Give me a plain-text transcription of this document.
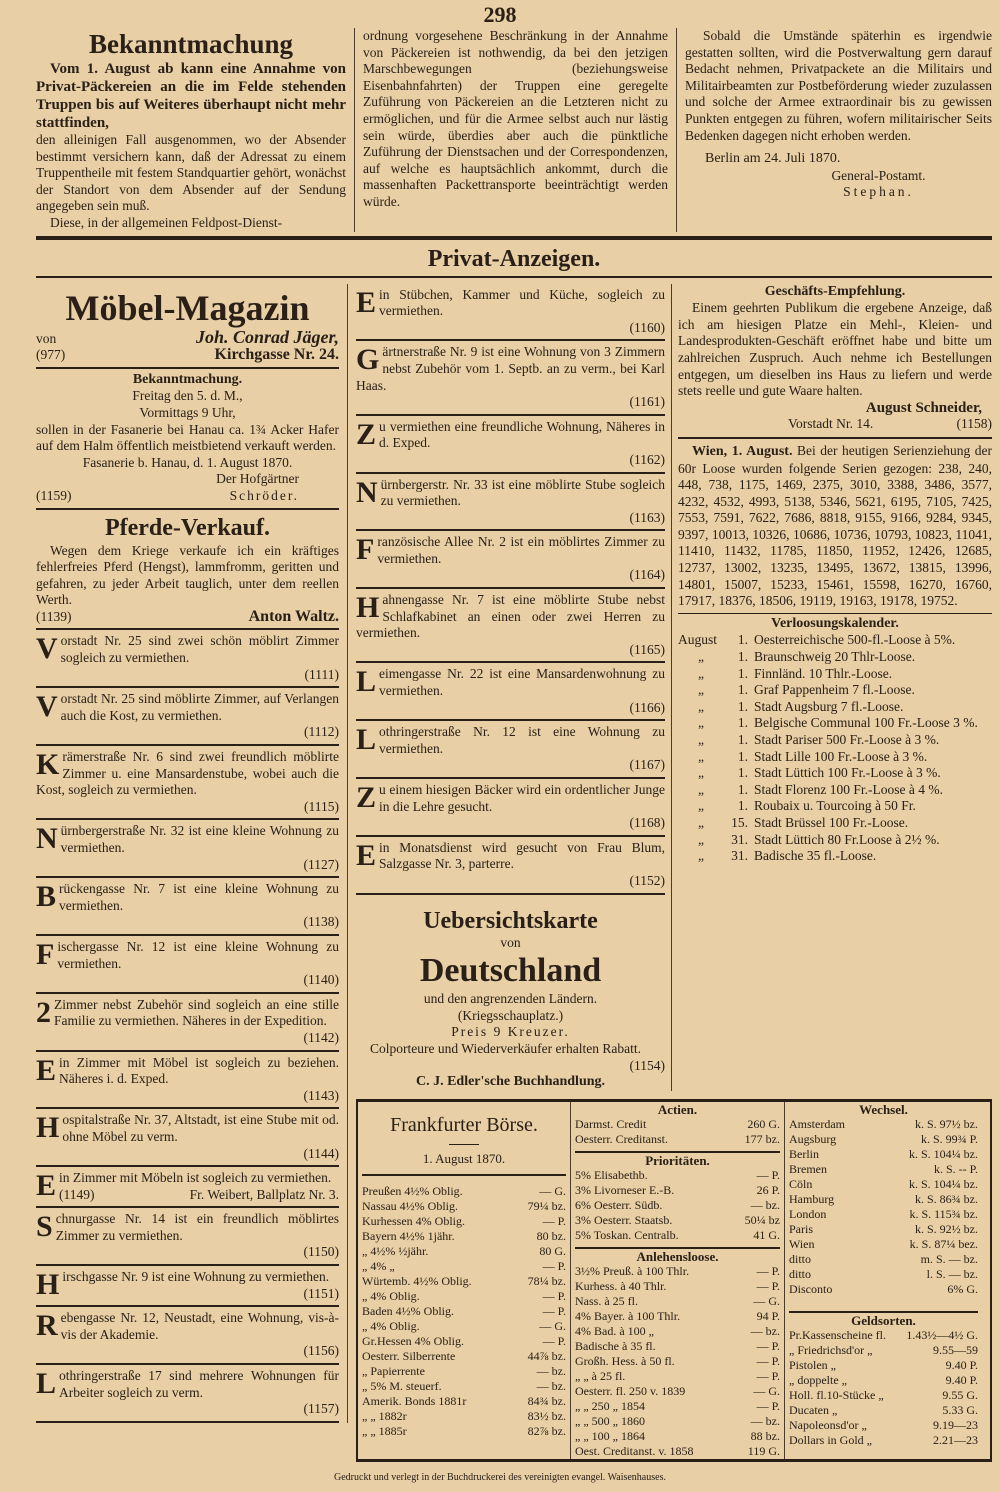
298
Bekanntmachung

Vom 1. August ab kann eine Annahme von Privat-Päckereien an die im Felde stehenden Truppen bis auf Weiteres überhaupt nicht mehr stattfinden,

den alleinigen Fall ausgenommen, wo der Absender bestimmt versichern kann, daß der Adressat zu einem Truppentheile mit festem Standquartier gehört, wonächst der Standort von dem Absender auf der Sendung angegeben sein muß.

Diese, in der allgemeinen Feldpost-Dienst-

ordnung vorgesehene Beschränkung in der Annahme von Päckereien ist nothwendig, da bei den jetzigen Marschbewegungen (beziehungsweise Eisenbahnfahrten) der Truppen eine geregelte Zuführung von Päckereien an die Letzteren nicht zu ermöglichen, und für die Armee selbst auch nur lästig sein würde, überdies aber auch die pünktliche Zuführung der Dienstsachen und der Correspondenzen, auf welche es hauptsächlich ankommt, durch die massenhaften Packettransporte beeinträchtigt werden würde.

Sobald die Umstände späterhin es irgendwie gestatten sollten, wird die Postverwaltung gern darauf Bedacht nehmen, Privatpackete an die Militairs und Militairbeamten zur Postbeförderung wieder zuzulassen und solche der Armee extraordinair bis zu gewissen Punkten entgegen zu führen, wofern militairischer Seits Bedenken dagegen nicht erhoben werden.

Berlin am 24. Juli 1870.

General-Postamt.

Stephan.

Privat-Anzeigen.
Möbel-Magazin
von	Joh. Conrad Jäger,
(977)	Kirchgasse Nr. 24.
Bekanntmachung.
Freitag den 5. d. M.,
Vormittags 9 Uhr,

sollen in der Fasanerie bei Hanau ca. 1¾ Acker Hafer auf dem Halm öffentlich meistbietend verkauft werden.

Fasanerie b. Hanau, d. 1. August 1870.
Der Hofgärtner
(1159)	Schröder.
Pferde-Verkauf.

Wegen dem Kriege verkaufe ich ein kräftiges fehlerfreies Pferd (Hengst), lammfromm, geritten und gefahren, zu jeder Arbeit tauglich, unter dem reellen Werth.

(1139)	Anton Waltz.

Vorstadt Nr. 25 sind zwei schön möblirt Zimmer sogleich zu vermiethen.

(1111)

Vorstadt Nr. 25 sind möblirte Zimmer, auf Verlangen auch die Kost, zu vermiethen.

(1112)

Krämerstraße Nr. 6 sind zwei freundlich möblirte Zimmer u. eine Mansardenstube, wobei auch die Kost, sogleich zu vermiethen.

(1115)

Nürnbergerstraße Nr. 32 ist eine kleine Wohnung zu vermiethen.

(1127)

Brückengasse Nr. 7 ist eine kleine Wohnung zu vermiethen.

(1138)

Fischergasse Nr. 12 ist eine kleine Wohnung zu vermiethen.

(1140)

2Zimmer nebst Zubehör sind sogleich an eine stille Familie zu vermiethen. Näheres in der Expedition.

(1142)

Ein Zimmer mit Möbel ist sogleich zu beziehen. Näheres i. d. Exped.

(1143)

Hospitalstraße Nr. 37, Altstadt, ist eine Stube mit od. ohne Möbel zu verm.

(1144)

Ein Zimmer mit Möbeln ist sogleich zu vermiethen.

(1149)	Fr. Weibert, Ballplatz Nr. 3.

Schnurgasse Nr. 14 ist ein freundlich möblirtes Zimmer zu vermiethen.

(1150)

Hirschgasse Nr. 9 ist eine Wohnung zu vermiethen.

(1151)

Rebengasse Nr. 12, Neustadt, eine Wohnung, vis-à-vis der Akademie.

(1156)

Lothringerstraße 17 sind mehrere Wohnungen für Arbeiter sogleich zu verm.

(1157)

Ein Stübchen, Kammer und Küche, sogleich zu vermiethen.

(1160)

Gärtnerstraße Nr. 9 ist eine Wohnung von 3 Zimmern nebst Zubehör vom 1. Septb. an zu verm., bei Karl Haas.

(1161)

Zu vermiethen eine freundliche Wohnung, Näheres in d. Exped.

(1162)

Nürnbergerstr. Nr. 33 ist eine möblirte Stube sogleich zu vermiethen.

(1163)

Französische Allee Nr. 2 ist ein möblirtes Zimmer zu vermiethen.

(1164)

Hahnengasse Nr. 7 ist eine möblirte Stube nebst Schlafkabinet an einen oder zwei Herren zu vermiethen.

(1165)

Leimengasse Nr. 22 ist eine Mansardenwohnung zu vermiethen.

(1166)

Lothringerstraße Nr. 12 ist eine Wohnung zu vermiethen.

(1167)

Zu einem hiesigen Bäcker wird ein ordentlicher Junge in die Lehre gesucht.

(1168)

Ein Monatsdienst wird gesucht von Frau Blum, Salzgasse Nr. 3, parterre.

(1152)
Uebersichtskarte
von
Deutschland
und den angrenzenden Ländern.
(Kriegsschauplatz.)
Preis 9 Kreuzer.

Colporteure und Wiederverkäufer erhalten Rabatt.

(1154)
C. J. Edler'sche Buchhandlung.
Geschäfts-Empfehlung.

Einem geehrten Publikum die ergebene Anzeige, daß ich am hiesigen Platze ein Mehl-, Kleien- und Landesprodukten-Geschäft eröffnet habe und bitte um zahlreichen Zuspruch. Auch nehme ich Bestellungen entgegen, um dieselben ins Haus zu liefern und werde stets reelle und gute Waare halten.

August Schneider,
Vorstadt Nr. 14.	(1158)

Wien, 1. August. Bei der heutigen Serienziehung der 60r Loose wurden folgende Serien gezogen: 238, 240, 448, 738, 1175, 1469, 2375, 3010, 3388, 3486, 3577, 4232, 4532, 4993, 5138, 5346, 5621, 6195, 7105, 7425, 7553, 7591, 7622, 7686, 8818, 9155, 9166, 9284, 9345, 9397, 10013, 10326, 10686, 10736, 10793, 10823, 11041, 11410, 11432, 11785, 11850, 11952, 12426, 12685, 12737, 13002, 13235, 13495, 13672, 13815, 13996, 14801, 15007, 15233, 15461, 15598, 16270, 16760, 17917, 18376, 18506, 19119, 19163, 19178, 19752.

Verloosungskalender.
August	1. Oesterreichische 500-fl.-Loose à 5%.
„	1. Braunschweig 20 Thlr-Loose.
„	1. Finnländ. 10 Thlr.-Loose.
„	1. Graf Pappenheim 7 fl.-Loose.
„	1. Stadt Augsburg 7 fl.-Loose.
„	1. Belgische Communal 100 Fr.-Loose 3 %.
„	1. Stadt Pariser 500 Fr.-Loose à 3 %.
„	1. Stadt Lille 100 Fr.-Loose à 3 %.
„	1. Stadt Lüttich 100 Fr.-Loose à 3 %.
„	1. Stadt Florenz 100 Fr.-Loose à 4 %.
„	1. Roubaix u. Tourcoing à 50 Fr.
„	15. Stadt Brüssel 100 Fr.-Loose.
„	31. Stadt Lüttich 80 Fr.Loose à 2½ %.
„	31. Badische 35 fl.-Loose.
Frankfurter Börse.
1. August 1870.
Preußen 4½% Oblig.	— G.
Nassau 4½% Oblig.	79¼ bz.
Kurhessen 4% Oblig.	— P.
Bayern 4½% 1jähr.	80 bz.
„ 4½% ½jähr.	80 G.
„ 4% „	— P.
Würtemb. 4½% Oblig.	78¼ bz.
„ 4% Oblig.	— P.
Baden 4½% Oblig.	— P.
„ 4% Oblig.	— G.
Gr.Hessen 4% Oblig.	— P.
Oesterr. Silberrente	44⅞ bz.
„ Papierrente	— bz.
„ 5% M. steuerf.	— bz.
Amerik. Bonds 1881r	84¾ bz.
„ „ 1882r	83½ bz.
„ „ 1885r	82⅞ bz.
Actien.
Darmst. Credit	260 G.
Oesterr. Creditanst.	177 bz.
Prioritäten.
5% Elisabethb.	— P.
3% Livorneser E.-B.	26 P.
6% Oesterr. Südb.	— bz.
3% Oesterr. Staatsb.	50¼ bz
5% Toskan. Centralb.	41 G.
Anlehensloose.
3½% Preuß. à 100 Thlr.	— P.
Kurhess. à 40 Thlr.	— P.
Nass. à 25 fl.	— G.
4% Bayer. à 100 Thlr.	94 P.
4% Bad. à 100 „	— bz.
Badische à 35 fl.	— P.
Großh. Hess. à 50 fl.	— P.
„ „ à 25 fl.	— P.
Oesterr. fl. 250 v. 1839	— G.
„ „ 250 „ 1854	— P.
„ „ 500 „ 1860	— bz.
„ „ 100 „ 1864	88 bz.
Oest. Creditanst. v. 1858	119 G.
Wechsel.
Amsterdam	k. S. 97½ bz.
Augsburg	k. S. 99¾ P.
Berlin	k. S. 104¼ bz.
Bremen	k. S. -- P.
Cöln	k. S. 104¼ bz.
Hamburg	k. S. 86¾ bz.
London	k. S. 115¾ bz.
Paris	k. S. 92½ bz.
Wien	k. S. 87¼ bez.
ditto	m. S. — bz.
ditto	l. S. — bz.
Disconto	6% G.
Geldsorten.
Pr.Kassenscheine fl. 1.43½—4½ G.
„ Friedrichsd'or „	9.55—59
Pistolen „	9.40 P.
„ doppelte „	9.40 P.
Holl. fl.10-Stücke „	9.55 G.
Ducaten „	5.33 G.
Napoleonsd'or „	9.19—23
Dollars in Gold „	2.21—23
Gedruckt und verlegt in der Buchdruckerei des vereinigten evangel. Waisenhauses.
